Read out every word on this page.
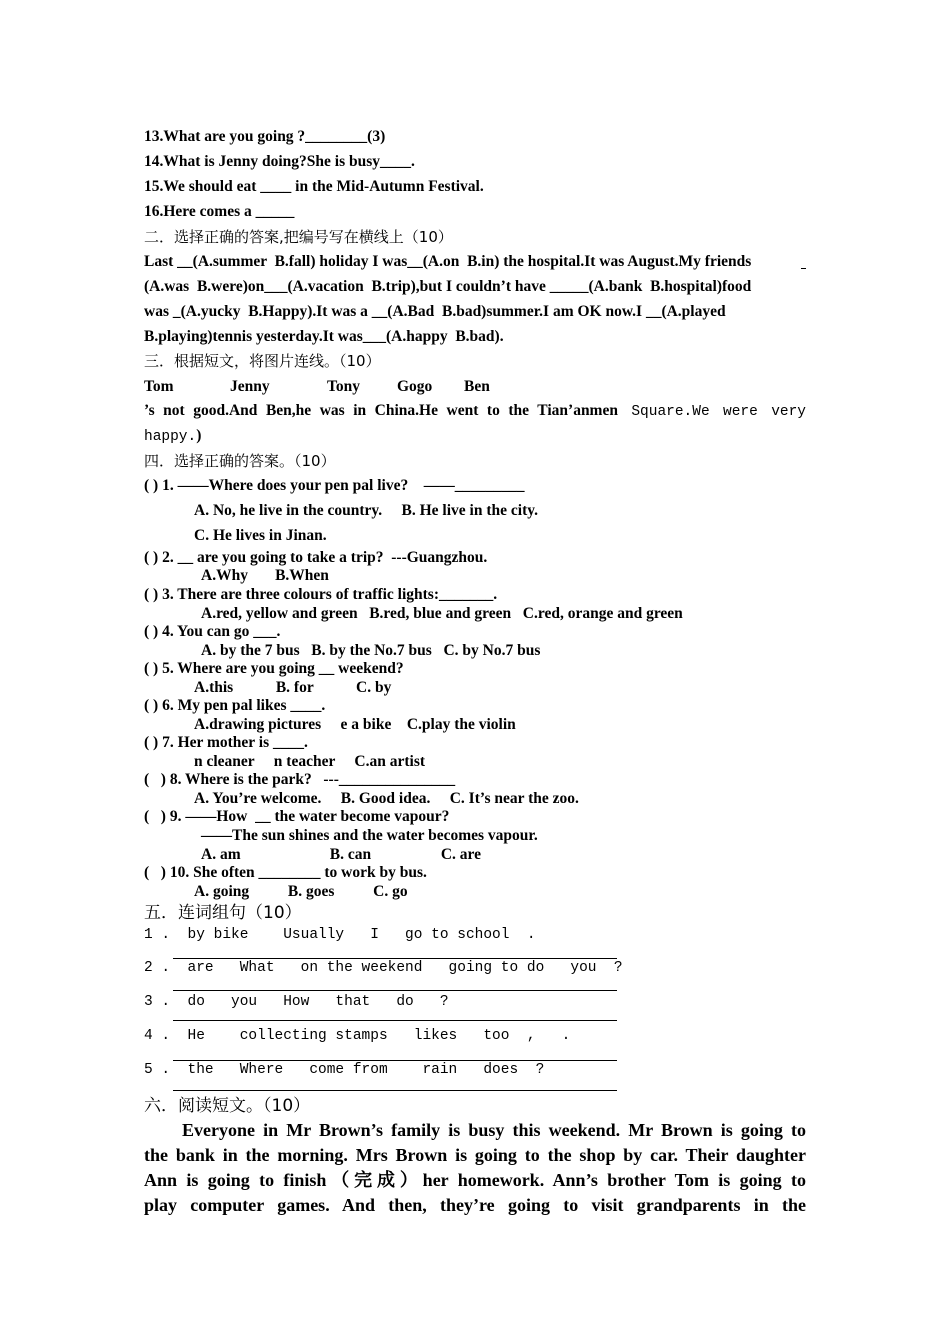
13.What are you going ?________(3)
14.What is Jenny doing?She is busy____.
15.We should eat ____ in the Mid-Autumn Festival.
16.Here comes a _____
二．选择正确的答案,把编号写在横线上（10）
Last __(A.summer  B.fall) holiday I was__(A.on  B.in) the hospital.It was August.My friends
(A.was  B.were)on___(A.vacation  B.trip),but I couldn’t have _____(A.bank  B.hospital)food
was _(A.yucky  B.Happy).It was a __(A.Bad  B.bad)summer.I am OK now.I __(A.played
B.playing)tennis yesterday.It was___(A.happy  B.bad).
三．根据短文，将图片连线。（10）
Tom	Jenny	Tony Gogo Ben
’s not good.And Ben,he was in China.He went to the Tian’anmen Square.We were very
happy.)
四．选择正确的答案。（10）
( ) 1. ——Where does your pen pal live?    ——_________
A. No, he live in the country.     B. He live in the city.
C. He lives in Jinan.
( ) 2. __ are you going to take a trip?  ---Guangzhou.
A.Why       B.When
( ) 3. There are three colours of traffic lights:_______.
A.red, yellow and green   B.red, blue and green   C.red, orange and green
( ) 4. You can go ___.
A. by the 7 bus   B. by the No.7 bus   C. by No.7 bus
( ) 5. Where are you going __ weekend?
A.this           B. for           C. by
( ) 6. My pen pal likes ____.
A.drawing pictures     e a bike    C.play the violin
( ) 7. Her mother is ____.
n cleaner     n teacher     C.an artist
(   ) 8. Where is the park?   ---_______________
A. You’re welcome.     B. Good idea.     C. It’s near the zoo.
(   ) 9. ——How  __ the water become vapour?
——The sun shines and the water becomes vapour.
A. am                       B. can                  C. are
(   ) 10. She often ________ to work by bus.
A. going          B. goes          C. go
五．连词组句（10）
1 .  by bike    Usually   I   go to school  .
2 .  are   What   on the weekend   going to do   you  ?
3 .  do   you   How   that   do   ?
4 .  He    collecting stamps   likes   too  ,   .
5 .  the   Where   come from    rain   does  ?
六．阅读短文。（10）
Everyone in Mr Brown’s family is busy this weekend. Mr Brown is going to
the bank in the morning. Mrs Brown is going to the shop by car. Their daughter
Ann is going to finish（完成）her homework. Ann’s brother Tom is going to
play computer games. And then, they’re going to visit grandparents in the
